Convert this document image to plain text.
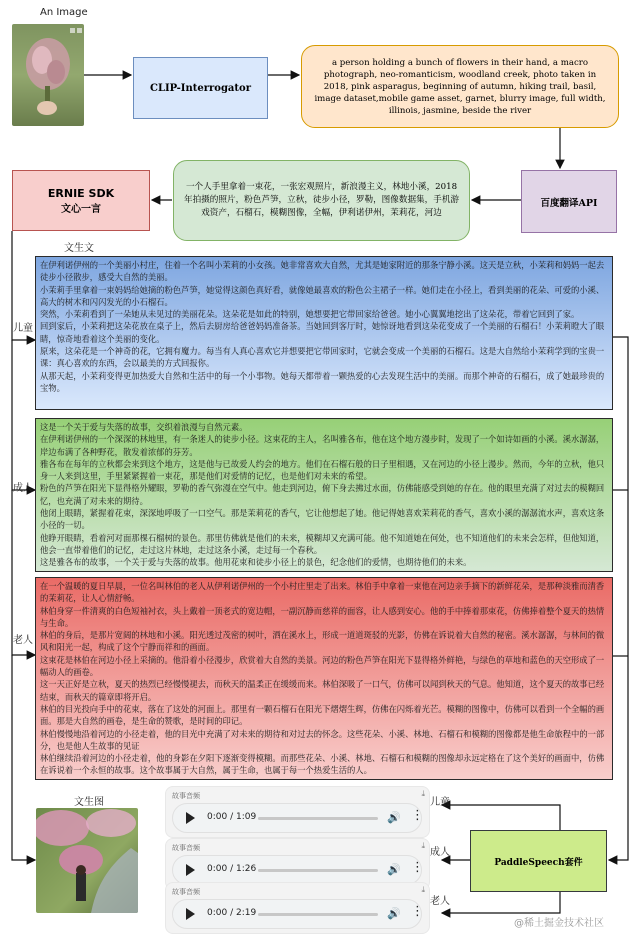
An Image
CLIP-Interrogator
a person holding a bunch of flowers in their hand, a macro photograph, neo-romanticism, woodland creek, photo taken in 2018, pink asparagus, beginning of autumn, hiking trail, basil, image dataset,mobile game asset, garnet, blurry image, full width, illinois, jasmine, beside the river
百度翻译API
一个人手里拿着一束花，一张宏观照片，新浪漫主义，林地小溪，2018年拍摄的照片，粉色芦笋，立秋，徒步小径，罗勒，图像数据集，手机游戏资产，石榴石，模糊图像，全幅，伊利诺伊州，茉莉花，河边
ERNIE SDK
文心一言
文生文
儿童
成人
老人

在伊利诺伊州的一个美丽小村庄，住着一个名叫小茉莉的小女孩。她非常喜欢大自然，尤其是她家附近的那条宁静小溪。这天是立秋，小茉莉和妈妈一起去徒步小径散步，感受大自然的美丽。

小茉莉手里拿着一束妈妈给她摘的粉色芦笋，她觉得这颜色真好看，就像她最喜欢的粉色公主裙子一样。她们走在小径上，看到美丽的花朵、可爱的小溪、高大的树木和闪闪发光的小石榴石。

突然，小茉莉看到了一朵她从未见过的美丽花朵。这朵花是如此的特别，她想要把它带回家给爸爸。她小心翼翼地挖出了这朵花，带着它回到了家。

回到家后，小茉莉把这朵花放在桌子上，然后去厨房给爸爸妈妈准备茶。当她回到客厅时，她惊讶地看到这朵花变成了一个美丽的石榴石！小茉莉瞪大了眼睛，惊奇地看着这个美丽的变化。

原来，这朵花是一个神奇的花，它拥有魔力。每当有人真心喜欢它并想要把它带回家时，它就会变成一个美丽的石榴石。这是大自然给小茉莉学到的宝贵一课：真心喜欢的东西，会以最美的方式回报你。

从那天起，小茉莉变得更加热爱大自然和生活中的每一个小事物。她每天都带着一颗热爱的心去发现生活中的美丽。而那个神奇的石榴石，成了她最珍贵的宝物。

这是一个关于爱与失落的故事，交织着浪漫与自然元素。

在伊利诺伊州的一个深深的林地里，有一条迷人的徒步小径。这束花的主人，名叫雅各布，他在这个地方漫步时，发现了一个如诗如画的小溪。溪水潺潺，岸边布满了各种野花，散发着浓郁的芬芳。

雅各布在每年的立秋都会来到这个地方，这是他与已故爱人约会的地方。他们在石榴石般的日子里相遇，又在河边的小径上漫步。然而，今年的立秋，他只身一人来到这里，手里紧紧握着一束花，那是他们对爱情的记忆，也是他们对未来的希望。

粉色的芦笋在阳光下显得格外耀眼，罗勒的香气弥漫在空气中。他走到河边，俯下身去拂过水面，仿佛能感受到她的存在。他的眼里充满了对过去的模糊回忆，也充满了对未来的期待。

他闭上眼睛，紧握着花束，深深地呼吸了一口空气。那是茉莉花的香气，它让他想起了她。他记得她喜欢茉莉花的香气，喜欢小溪的潺潺流水声，喜欢这条小径的一切。

他睁开眼睛，看着河对面那棵石榴树的景色。那里仿佛就是他们的未来，模糊却又充满可能。他不知道她在何处，也不知道他们的未来会怎样，但他知道，他会一直带着他们的记忆，走过这片林地，走过这条小溪，走过每一个春秋。

这是雅各布的故事，一个关于爱与失落的故事。他用花束和徒步小径上的景色，纪念他们的爱情，也期待他们的未来。

在一个温暖的夏日早晨，一位名叫林伯的老人从伊利诺伊州的一个小村庄里走了出来。林伯手中拿着一束他在河边亲手摘下的新鲜花朵，是那种淡雅而清香的茉莉花，让人心情舒畅。

林伯身穿一件清爽的白色短袖衬衣，头上戴着一顶老式的宽边帽，一副沉静而慈祥的面容，让人感到安心。他的手中捧着那束花，仿佛捧着整个夏天的热情与生命。

林伯的身后，是那片宽阔的林地和小溪。阳光透过茂密的树叶，洒在溪水上，形成一道道斑驳的光影，仿佛在诉说着大自然的秘密。溪水潺潺，与林间的微风和阳光一起，构成了这个宁静而祥和的画面。

这束花是林伯在河边小径上采摘的。他沿着小径漫步，欣赏着大自然的美景。河边的粉色芦笋在阳光下显得格外鲜艳，与绿色的草地和蓝色的天空形成了一幅动人的画卷。

这一天正好是立秋，夏天的热烈已经慢慢褪去，而秋天的温柔正在缓缓而来。林伯深吸了一口气，仿佛可以闻到秋天的气息。他知道，这个夏天的故事已经结束，而秋天的篇章即将开启。

林伯的目光投向手中的花束，落在了这处的河面上。那里有一颗石榴石在阳光下熠熠生辉，仿佛在闪烁着光芒。模糊的图像中，仿佛可以看到一个全幅的画面。那是大自然的画卷，是生命的赞歌，是时间的印记。

林伯慢慢地沿着河边的小径走着，他的目光中充满了对未来的期待和对过去的怀念。这些花朵、小溪、林地、石榴石和模糊的图像都是他生命旅程中的一部分，也是他人生故事的见证

林伯继续沿着河边的小径走着，他的身影在夕阳下逐渐变得模糊。而那些花朵、小溪、林地、石榴石和模糊的图像却永远定格在了这个美好的画面中，仿佛在诉说着一个永恒的故事。这个故事属于大自然，属于生命，也属于每一个热爱生活的人。

文生图
故事音频	⤓
0:00 / 1:09	🔊 ⋮
故事音频	⤓
0:00 / 1:26	🔊 ⋮
故事音频	⤓
0:00 / 2:19	🔊 ⋮
儿童
成人
老人
PaddleSpeech套件
@稀土掘金技术社区
